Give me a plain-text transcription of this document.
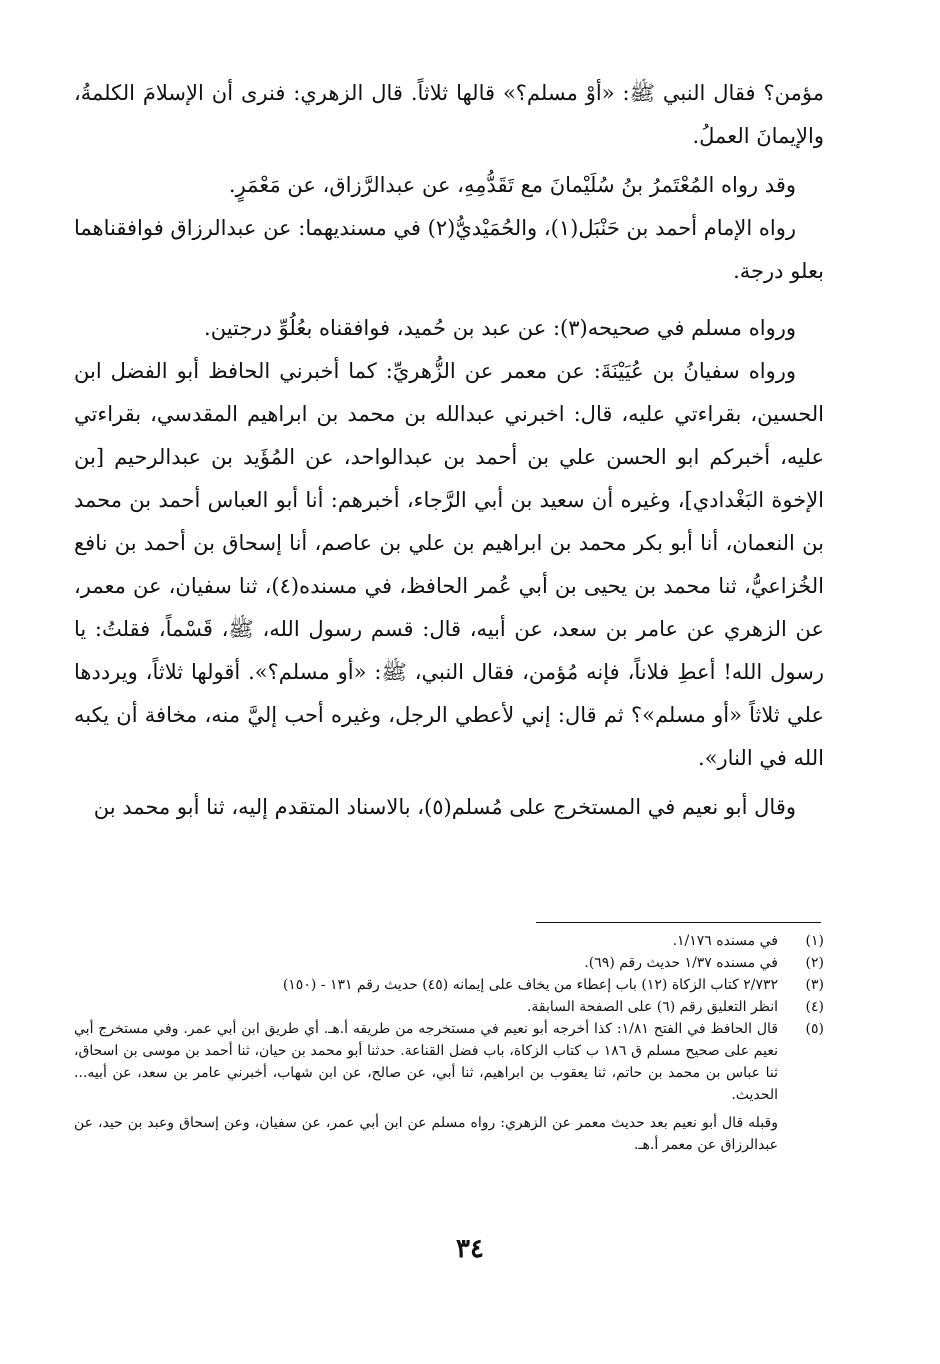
مؤمن؟ فقال النبي ﷺ: «أوْ مسلم؟» قالها ثلاثاً. قال الزهري: فنرى أن الإسلامَ الكلمةُ، والإيمانَ العملُ.

وقد رواه المُعْتَمرُ بنُ سُلَيْمانَ مع تَقَدُّمِهِ، عن عبدالرَّزاق، عن مَعْمَرٍ.

رواه الإمام أحمد بن حَنْبَل(١)، والحُمَيْديُّ(٢) في مسنديهما: عن عبدالرزاق فوافقناهما بعلو درجة.

ورواه مسلم في صحيحه(٣): عن عبد بن حُميد، فوافقناه بعُلُوِّ درجتين.

ورواه سفيانُ بن عُيَيْنَةَ: عن معمر عن الزُّهريِّ: كما أخبرني الحافظ أبو الفضل ابن الحسين، بقراءتي عليه، قال: اخبرني عبدالله بن محمد بن ابراهيم المقدسي، بقراءتي عليه، أخبركم ابو الحسن علي بن أحمد بن عبدالواحد، عن المُؤَيد بن عبدالرحيم [بن الإخوة البَغْدادي]، وغيره أن سعيد بن أبي الرَّجاء، أخبرهم: أنا أبو العباس أحمد بن محمد بن النعمان، أنا أبو بكر محمد بن ابراهيم بن علي بن عاصم، أنا إسحاق بن أحمد بن نافع الخُزاعيُّ، ثنا محمد بن يحيى بن أبي عُمر الحافظ، في مسنده(٤)، ثنا سفيان، عن معمر، عن الزهري عن عامر بن سعد، عن أبيه، قال: قسم رسول الله، ﷺ، قَسْماً، فقلتُ: يا رسول الله! أعطِ فلاناً، فإنه مُؤمن، فقال النبي، ﷺ: «أو مسلم؟». أقولها ثلاثاً، ويرددها علي ثلاثاً «أو مسلم»؟ ثم قال: إني لأعطي الرجل، وغيره أحب إليَّ منه، مخافة أن يكبه الله في النار».

وقال أبو نعيم في المستخرج على مُسلم(٥)، بالاسناد المتقدم إليه، ثنا أبو محمد بن

(١)
في مسنده ١/١٧٦.
(٢)
في مسنده ١/٣٧ حديث رقم (٦٩).
(٣)
٢/٧٣٢ كتاب الزكاة (١٢) باب إعطاء من يخاف على إيمانه (٤٥) حديث رقم ١٣١ - (١٥٠)
(٤)
انظر التعليق رقم (٦) على الصفحة السابقة.
(٥)
قال الحافظ في الفتح ١/٨١: كذا أخرجه أبو نعيم في مستخرجه من طريقه أ.هـ. أي طريق ابن أبي عمر. وفي مستخرج أبي نعيم على صحيح مسلم ق ١٨٦ ب كتاب الزكاة، باب فضل القناعة. حدثنا أبو محمد بن حيان، ثنا أحمد بن موسى بن اسحاق، ثنا عباس بن محمد بن حاتم، ثنا يعقوب بن ابراهيم، ثنا أبي، عن صالح، عن ابن شهاب، أخبرني عامر بن سعد، عن أبيه... الحديث.
وقبله قال أبو نعيم بعد حديث معمر عن الزهري: رواه مسلم عن ابن أبي عمر، عن سفيان، وعن إسحاق وعبد بن حيد، عن عبدالرزاق عن معمر أ.هـ.
٣٤
